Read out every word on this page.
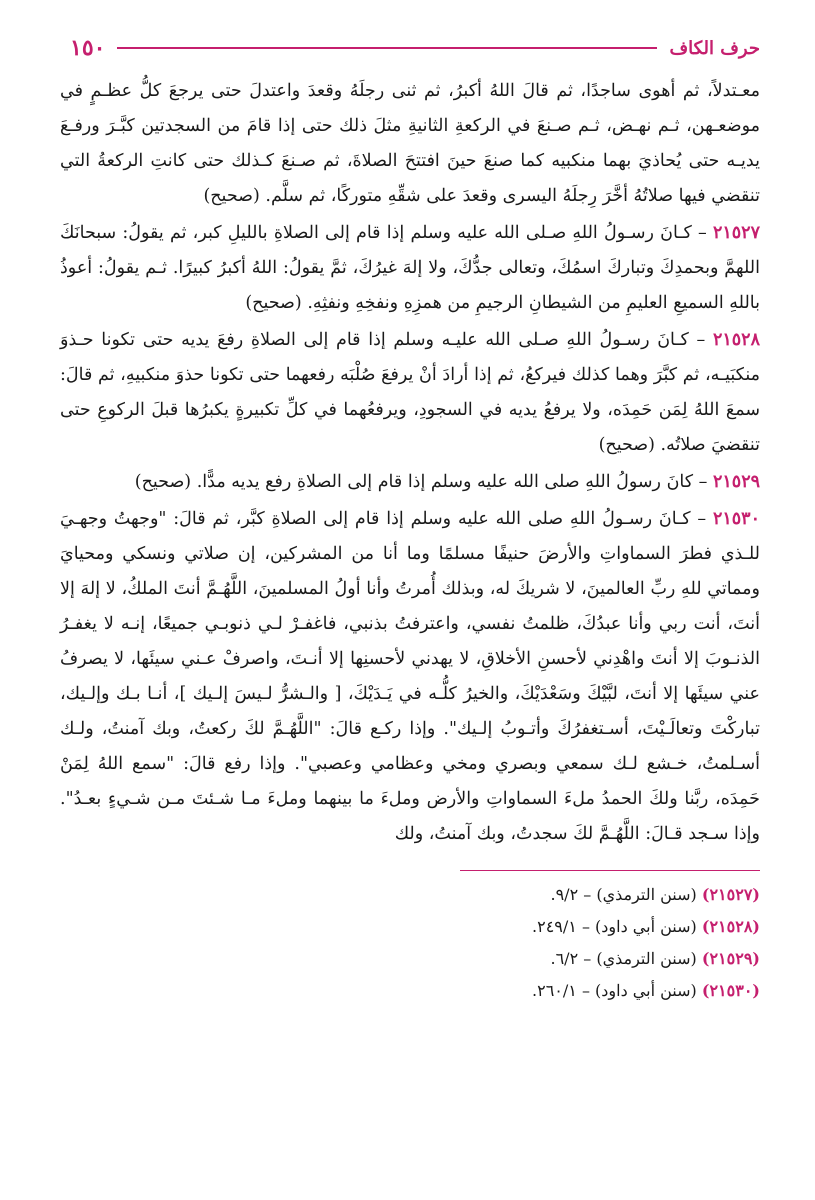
حرف الكاف
١٥٠

معـتدلاً، ثم أهوى ساجدًا، ثم قالَ اللهُ أكبرُ، ثم ثنى رجلَهُ وقعدَ واعتدلَ حتى يرجعَ كلُّ عظـمٍ في موضعـهن، ثـم نهـض، ثـم صـنعَ في الركعةِ الثانيةِ مثلَ ذلك حتى إذا قامَ من السجدتين كبَّـرَ ورفـعَ يديـه حتى يُحاذيَ بهما منكبيه كما صنعَ حينَ افتتحَ الصلاةَ، ثم صـنعَ كـذلك حتى كانتِ الركعةُ التي تنقضي فيها صلاتُهُ أخَّرَ رِجلَهُ اليسرى وقعدَ على شقِّهِ متوركًا، ثم سلَّم. (صحيح)

٢١٥٢٧ – كـانَ رسـولُ اللهِ صـلى الله عليه وسلم إذا قام إلى الصلاةِ بالليلِ كبر، ثم يقولُ: سبحانَكَ اللهمَّ وبحمدِكَ وتباركَ اسمُكَ، وتعالى جدُّكَ، ولا إلهَ غيرُكَ، ثمَّ يقولُ: اللهُ أكبرُ كبيرًا. ثـم يقولُ: أعوذُ باللهِ السميعِ العليمِ من الشيطانِ الرجيمِ من همزِهِ ونفخِهِ ونفثِهِ. (صحيح)

٢١٥٢٨ – كـانَ رسـولُ اللهِ صـلى الله عليـه وسلم إذا قام إلى الصلاةِ رفعَ يديه حتى تكونا حـذوَ منكبَيـه، ثم كبَّرَ وهما كذلك فيركعُ، ثم إذا أرادَ أنْ يرفعَ صُلْبَه رفعهما حتى تكونا حذوَ منكبيهِ، ثم قالَ: سمعَ اللهُ لِمَن حَمِدَه، ولا يرفعُ يديه في السجودِ، ويرفعُهما في كلِّ تكبيرةٍ يكبرُها قبلَ الركوعِ حتى تنقضيَ صلاتُه. (صحيح)

٢١٥٢٩ – كانَ رسولُ اللهِ صلى الله عليه وسلم إذا قام إلى الصلاةِ رفع يديه مدًّا. (صحيح)

٢١٥٣٠ – كـانَ رسـولُ اللهِ صلى الله عليه وسلم إذا قام إلى الصلاةِ كبَّر، ثم قالَ: "وجهتُ وجهـيَ للـذي فطرَ السماواتِ والأرضَ حنيفًا مسلمًا وما أنا من المشركين، إن صلاتي ونسكي ومحيايَ ومماتي للهِ ربِّ العالمينَ، لا شريكَ له، وبذلك أُمرتُ وأنا أولُ المسلمينَ، اللَّهُـمَّ أنتَ الملكُ، لا إلهَ إلا أنتَ، أنت ربي وأنا عبدُكَ، ظلمتُ نفسي، واعترفتُ بذنبي، فاغفـرْ لـي ذنوبـي جميعًا، إنـه لا يغفـرُ الذنـوبَ إلا أنتَ واهْدِني لأحسنِ الأخلاقِ، لا يهدني لأحسنِها إلا أنـتَ، واصرفْ عـني سيئَها، لا يصرفُ عني سيئَها إلا أنتَ، لبَّيْكَ وسَعْدَيْكَ، والخيرُ كلُّـه في يَـدَيْكَ، [ والـشرُّ لـيسَ إلـيك ]، أنـا بـك وإلـيك، تباركْتَ وتعالَـيْتَ، أسـتغفرُكَ وأتـوبُ إلـيك". وإذا ركـع قالَ: "اللَّهُـمَّ لكَ ركعتُ، وبك آمنتُ، ولـك أسـلمتُ، خـشع لـك سمعي وبصري ومخي وعظامي وعصبي". وإذا رفع قالَ: "سمع اللهُ لِمَنْ حَمِدَه، ربَّنا ولكَ الحمدُ ملءَ السماواتِ والأرض وملءَ ما بينهما وملءَ مـا شـئتَ مـن شـيءٍ بعـدُ". وإذا سـجد قـالَ: اللَّهُـمَّ لكَ سجدتُ، وبك آمنتُ، ولك

(٢١٥٢٧) (سنن الترمذي) – ٩/٢.

(٢١٥٢٨) (سنن أبي داود) – ٢٤٩/١.

(٢١٥٢٩) (سنن الترمذي) – ٦/٢.

(٢١٥٣٠) (سنن أبي داود) – ٢٦٠/١.
